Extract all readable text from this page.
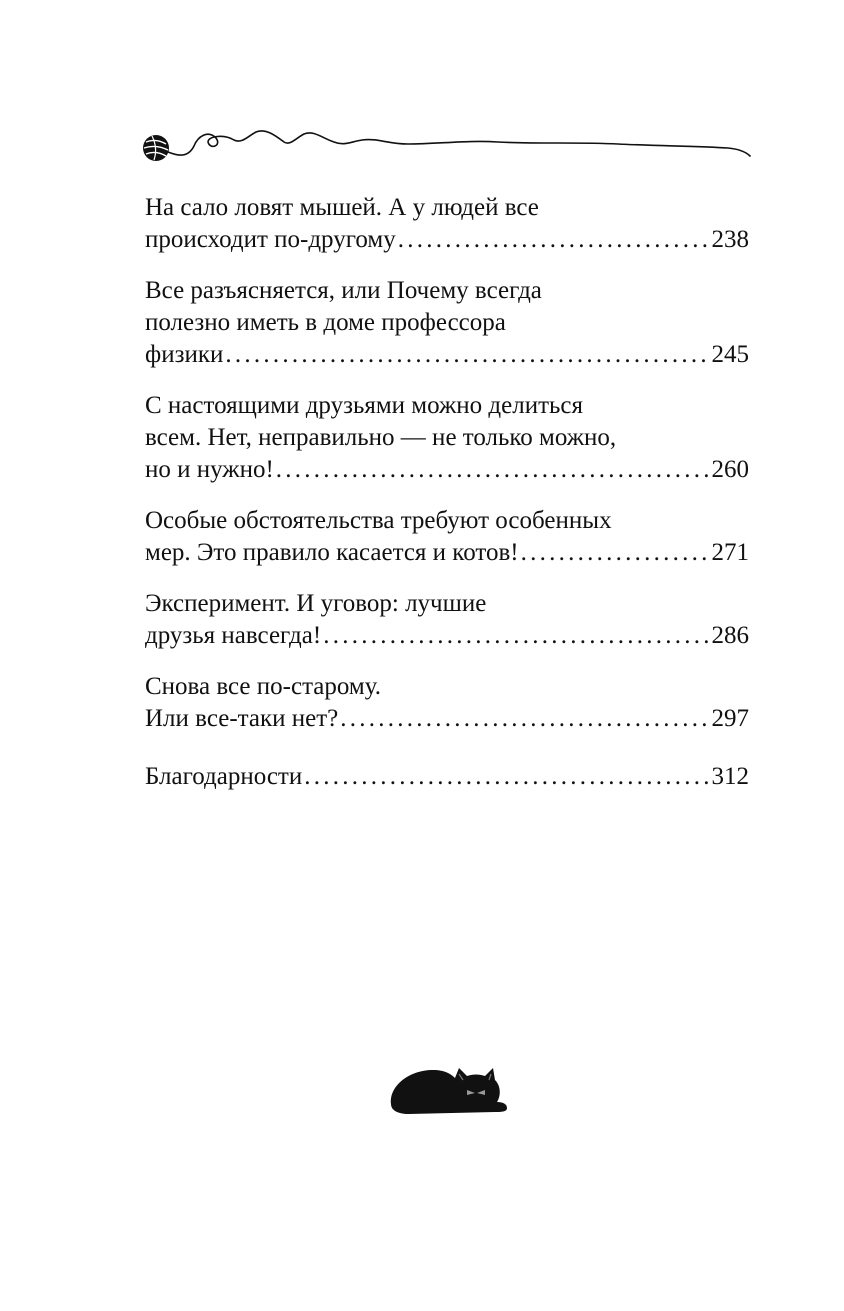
На сало ловят мышей. А у людей все
происходит по-другому . . .	238
Все разъясняется, или Почему всегда
полезно иметь в доме профессора
физики . . .	245
С настоящими друзьями можно делиться
всем. Нет, неправильно — не только можно,
но и нужно! . . .	260
Особые обстоятельства требуют особенных
мер. Это правило касается и котов! . . .	271
Эксперимент. И уговор: лучшие
друзья навсегда! . . .	286
Снова все по-старому.
Или все-таки нет? . . .	297
Благодарности . . .	312
